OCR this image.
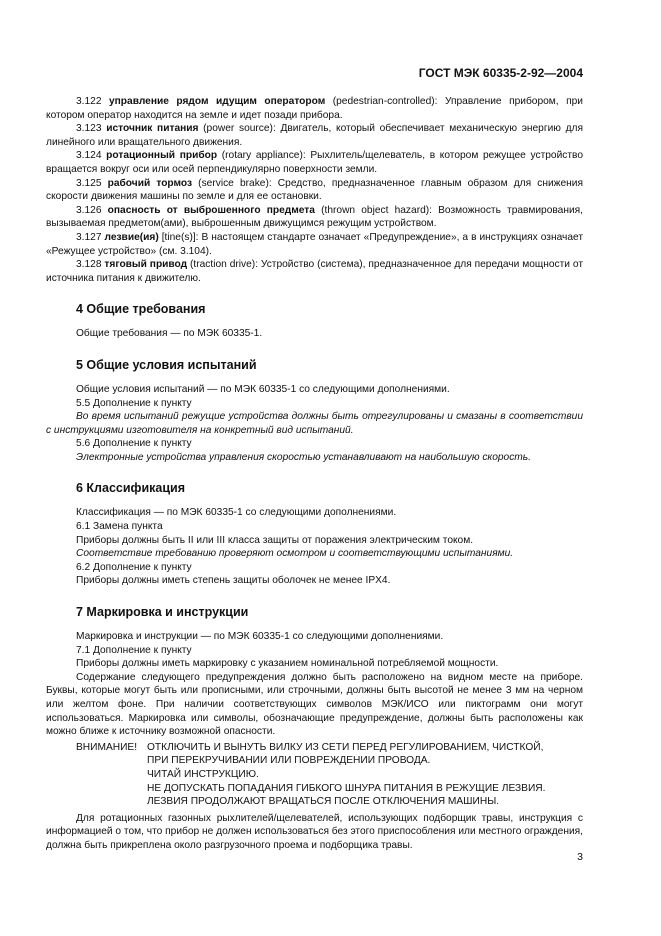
ГОСТ МЭК 60335-2-92—2004

3.122 управление рядом идущим оператором (pedestrian-controlled): Управление прибором, при котором оператор находится на земле и идет позади прибора.

3.123 источник питания (power source): Двигатель, который обеспечивает механическую энергию для линейного или вращательного движения.

3.124 ротационный прибор (rotary appliance): Рыхлитель/щелеватель, в котором режущее устройство вращается вокруг оси или осей перпендикулярно поверхности земли.

3.125 рабочий тормоз (service brake): Средство, предназначенное главным образом для снижения скорости движения машины по земле и для ее остановки.

3.126 опасность от выброшенного предмета (thrown object hazard): Возможность травмирования, вызываемая предметом(ами), выброшенным движущимся режущим устройством.

3.127 лезвие(ия) [tine(s)]: В настоящем стандарте означает «Предупреждение», а в инструкциях означает «Режущее устройство» (см. 3.104).

3.128 тяговый привод (traction drive): Устройство (система), предназначенное для передачи мощности от источника питания к движителю.

4 Общие требования

Общие требования — по МЭК 60335-1.

5 Общие условия испытаний

Общие условия испытаний — по МЭК 60335-1 со следующими дополнениями.

5.5 Дополнение к пункту

Во время испытаний режущие устройства должны быть отрегулированы и смазаны в соответствии с инструкциями изготовителя на конкретный вид испытаний.

5.6 Дополнение к пункту

Электронные устройства управления скоростью устанавливают на наибольшую скорость.

6 Классификация

Классификация — по МЭК 60335-1 со следующими дополнениями.

6.1 Замена пункта

Приборы должны быть II или III класса защиты от поражения электрическим током.

Соответствие требованию проверяют осмотром и соответствующими испытаниями.

6.2 Дополнение к пункту

Приборы должны иметь степень защиты оболочек не менее IPX4.

7 Маркировка и инструкции

Маркировка и инструкции — по МЭК 60335-1 со следующими дополнениями.

7.1 Дополнение к пункту

Приборы должны иметь маркировку с указанием номинальной потребляемой мощности.

Содержание следующего предупреждения должно быть расположено на видном месте на приборе. Буквы, которые могут быть или прописными, или строчными, должны быть высотой не менее 3 мм на черном или желтом фоне. При наличии соответствующих символов МЭК/ИСО или пиктограмм они могут использоваться. Маркировка или символы, обозначающие предупреждение, должны быть расположены как можно ближе к источнику возможной опасности.

ВНИМАНИЕ! ОТКЛЮЧИТЬ И ВЫНУТЬ ВИЛКУ ИЗ СЕТИ ПЕРЕД РЕГУЛИРОВАНИЕМ, ЧИСТКОЙ,
ПРИ ПЕРЕКРУЧИВАНИИ ИЛИ ПОВРЕЖДЕНИИ ПРОВОДА.
ЧИТАЙ ИНСТРУКЦИЮ.
НЕ ДОПУСКАТЬ ПОПАДАНИЯ ГИБКОГО ШНУРА ПИТАНИЯ В РЕЖУЩИЕ ЛЕЗВИЯ.
ЛЕЗВИЯ ПРОДОЛЖАЮТ ВРАЩАТЬСЯ ПОСЛЕ ОТКЛЮЧЕНИЯ МАШИНЫ.

Для ротационных газонных рыхлителей/щелевателей, использующих подборщик травы, инструкция с информацией о том, что прибор не должен использоваться без этого приспособления или местного ограждения, должна быть прикреплена около разгрузочного проема и подборщика травы.

3
